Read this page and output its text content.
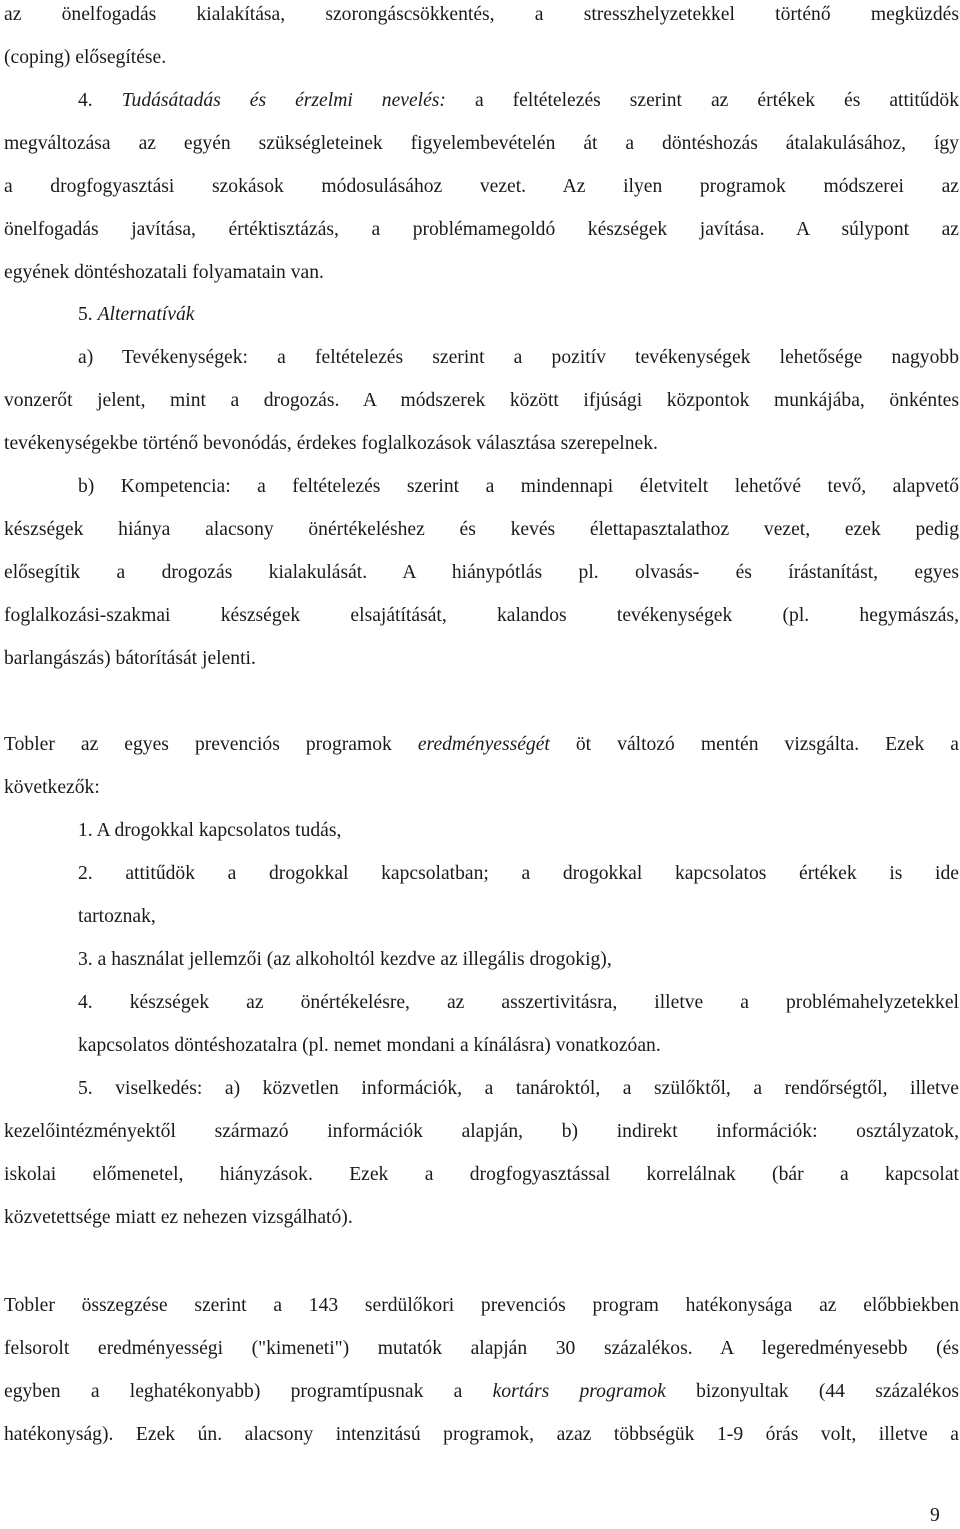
az önelfogadás kialakítása, szorongáscsökkentés, a stresszhelyzetekkel történő megküzdés
(coping) elősegítése.
4. Tudásátadás és érzelmi nevelés: a feltételezés szerint az értékek és attitűdök
megváltozása az egyén szükségleteinek figyelembevételén át a döntéshozás átalakulásához, így
a drogfogyasztási szokások módosulásához vezet. Az ilyen programok módszerei az
önelfogadás javítása, értéktisztázás, a problémamegoldó készségek javítása. A súlypont az
egyének döntéshozatali folyamatain van.
5. Alternatívák
a) Tevékenységek: a feltételezés szerint a pozitív tevékenységek lehetősége nagyobb
vonzerőt jelent, mint a drogozás. A módszerek között ifjúsági központok munkájába, önkéntes
tevékenységekbe történő bevonódás, érdekes foglalkozások választása szerepelnek.
b) Kompetencia: a feltételezés szerint a mindennapi életvitelt lehetővé tevő, alapvető
készségek hiánya alacsony önértékeléshez és kevés élettapasztalathoz vezet, ezek pedig
elősegítik a drogozás kialakulását. A hiánypótlás pl. olvasás- és írástanítást, egyes
foglalkozási-szakmai készségek elsajátítását, kalandos tevékenységek (pl. hegymászás,
barlangászás) bátorítását jelenti.
Tobler az egyes prevenciós programok eredményességét öt változó mentén vizsgálta. Ezek a
következők:
1. A drogokkal kapcsolatos tudás,
2. attitűdök a drogokkal kapcsolatban; a drogokkal kapcsolatos értékek is ide
tartoznak,
3. a használat jellemzői (az alkoholtól kezdve az illegális drogokig),
4. készségek az önértékelésre, az asszertivitásra, illetve a problémahelyzetekkel
kapcsolatos döntéshozatalra (pl. nemet mondani a kínálásra) vonatkozóan.
5. viselkedés: a) közvetlen információk, a tanároktól, a szülőktől, a rendőrségtől, illetve
kezelőintézményektől származó információk alapján, b) indirekt információk: osztályzatok,
iskolai előmenetel, hiányzások. Ezek a drogfogyasztással korrelálnak (bár a kapcsolat
közvetettsége miatt ez nehezen vizsgálható).
Tobler összegzése szerint a 143 serdülőkori prevenciós program hatékonysága az előbbiekben
felsorolt eredményességi ("kimeneti") mutatók alapján 30 százalékos. A legeredményesebb (és
egyben a leghatékonyabb) programtípusnak a kortárs programok bizonyultak (44 százalékos
hatékonyság). Ezek ún. alacsony intenzitású programok, azaz többségük 1-9 órás volt, illetve a
9
